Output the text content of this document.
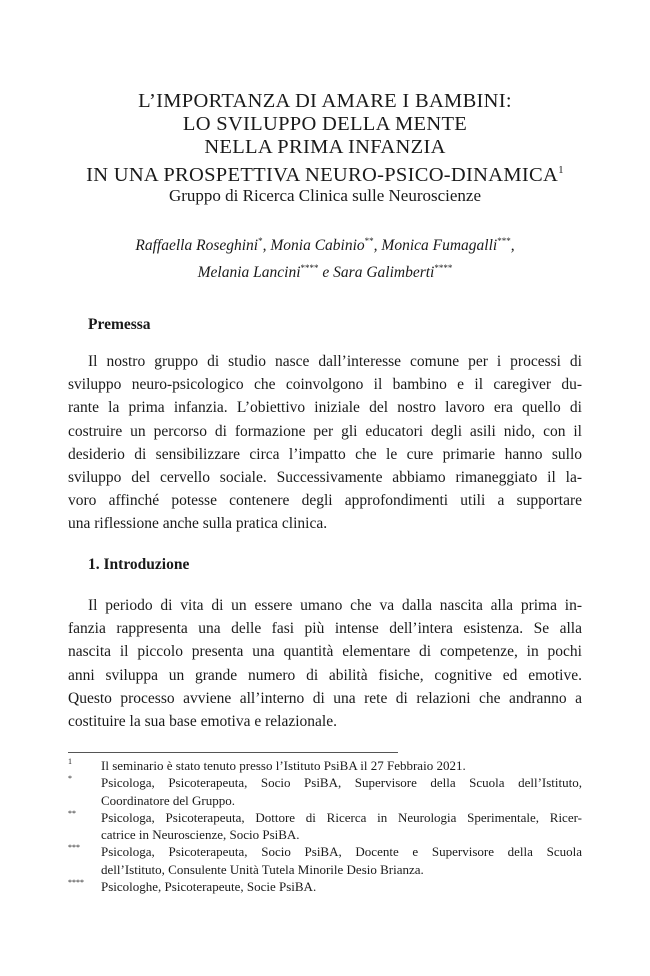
L’IMPORTANZA DI AMARE I BAMBINI:
LO SVILUPPO DELLA MENTE
NELLA PRIMA INFANZIA
IN UNA PROSPETTIVA NEURO-PSICO-DINAMICA$^1$
Gruppo di Ricerca Clinica sulle Neuroscienze
Raffaella Roseghini*, Monia Cabinio**, Monica Fumagalli***,
Melania Lancini**** e Sara Galimberti****
Premessa
Il nostro gruppo di studio nasce dall’interesse comune per i processi di
sviluppo neuro-psicologico che coinvolgono il bambino e il caregiver du-
rante la prima infanzia. L’obiettivo iniziale del nostro lavoro era quello di
costruire un percorso di formazione per gli educatori degli asili nido, con il
desiderio di sensibilizzare circa l’impatto che le cure primarie hanno sullo
sviluppo del cervello sociale. Successivamente abbiamo rimaneggiato il la-
voro affinché potesse contenere degli approfondimenti utili a supportare
una riflessione anche sulla pratica clinica.
1. Introduzione
Il periodo di vita di un essere umano che va dalla nascita alla prima in-
fanzia rappresenta una delle fasi più intense dell’intera esistenza. Se alla
nascita il piccolo presenta una quantità elementare di competenze, in pochi
anni sviluppa un grande numero di abilità fisiche, cognitive ed emotive.
Questo processo avviene all’interno di una rete di relazioni che andranno a
costituire la sua base emotiva e relazionale.
1 Il seminario è stato tenuto presso l’Istituto PsiBA il 27 Febbraio 2021.
* Psicologa, Psicoterapeuta, Socio PsiBA, Supervisore della Scuola dell’Istituto,
Coordinatore del Gruppo.
** Psicologa, Psicoterapeuta, Dottore di Ricerca in Neurologia Sperimentale, Ricer-
catrice in Neuroscienze, Socio PsiBA.
*** Psicologa, Psicoterapeuta, Socio PsiBA, Docente e Supervisore della Scuola
dell’Istituto, Consulente Unità Tutela Minorile Desio Brianza.
**** Psicologhe, Psicoterapeute, Socie PsiBA.
